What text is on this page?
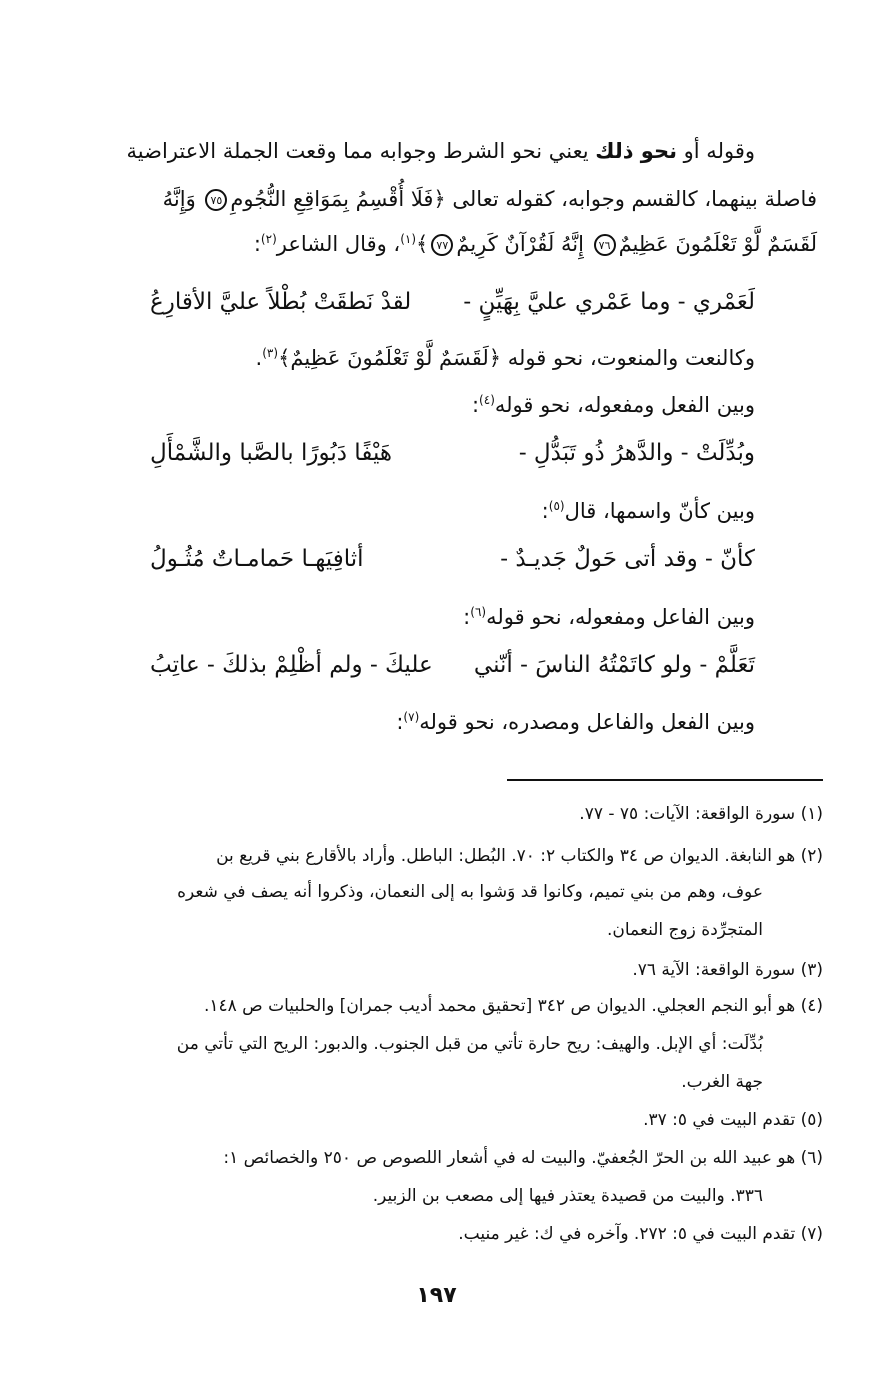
وقوله أو نحو ذلك يعني نحو الشرط وجوابه مما وقعت الجملة الاعتراضية
فاصلة بينهما، كالقسم وجوابه، كقوله تعالى ﴿فَلَا أُقْسِمُ بِمَوَاقِعِ النُّجُومِ٧٥ وَإِنَّهُ
لَقَسَمٌ لَّوْ تَعْلَمُونَ عَظِيمٌ٧٦ إِنَّهُ لَقُرْآنٌ كَرِيمٌ٧٧﴾$^{(١)}$، وقال الشاعر$^{(٢)}$:
لَعَمْري - وما عَمْري عليَّ بِهَيِّنٍ -
لقدْ نَطقَتْ بُطْلاً عليَّ الأقارِعُ
وكالنعت والمنعوت، نحو قوله ﴿لَقَسَمٌ لَّوْ تَعْلَمُونَ عَظِيمٌ﴾$^{(٣)}$.
وبين الفعل ومفعوله، نحو قوله$^{(٤)}$:
وبُدِّلَتْ - والدَّهرُ ذُو تَبَدُّلِ -
هَيْفًا دَبُورًا بالصَّبا والشَّمْأَلِ
وبين كأنّ واسمها، قال$^{(٥)}$:
كأنّ - وقد أتى حَولٌ جَديـدٌ -
أثافِيَهـا حَمامـاتٌ مُثُـولُ
وبين الفاعل ومفعوله، نحو قوله$^{(٦)}$:
تَعَلَّمْ - ولو كاتَمْتُهُ الناسَ - أنّني
عليكَ - ولم أظْلِمْ بذلكَ - عاتِبُ
وبين الفعل والفاعل ومصدره، نحو قوله$^{(٧)}$:
(١) سورة الواقعة: الآيات: ٧٥ - ٧٧.
(٢) هو النابغة. الديوان ص ٣٤ والكتاب ٢: ٧٠. البُطل: الباطل. وأراد بالأقارع بني قريع بن
عوف، وهم من بني تميم، وكانوا قد وَشوا به إلى النعمان، وذكروا أنه يصف في شعره
المتجرِّدة زوج النعمان.
(٣) سورة الواقعة: الآية ٧٦.
(٤) هو أبو النجم العجلي. الديوان ص ٣٤٢ [تحقيق محمد أديب جمران] والحلبيات ص ١٤٨.
بُدِّلَت: أي الإبل. والهيف: ريح حارة تأتي من قبل الجنوب. والدبور: الريح التي تأتي من
جهة الغرب.
(٥) تقدم البيت في ٥: ٣٧.
(٦) هو عبيد الله بن الحرّ الجُعفيّ. والبيت له في أشعار اللصوص ص ٢٥٠ والخصائص ١:
٣٣٦. والبيت من قصيدة يعتذر فيها إلى مصعب بن الزبير.
(٧) تقدم البيت في ٥: ٢٧٢. وآخره في ك: غير منيب.
١٩٧
